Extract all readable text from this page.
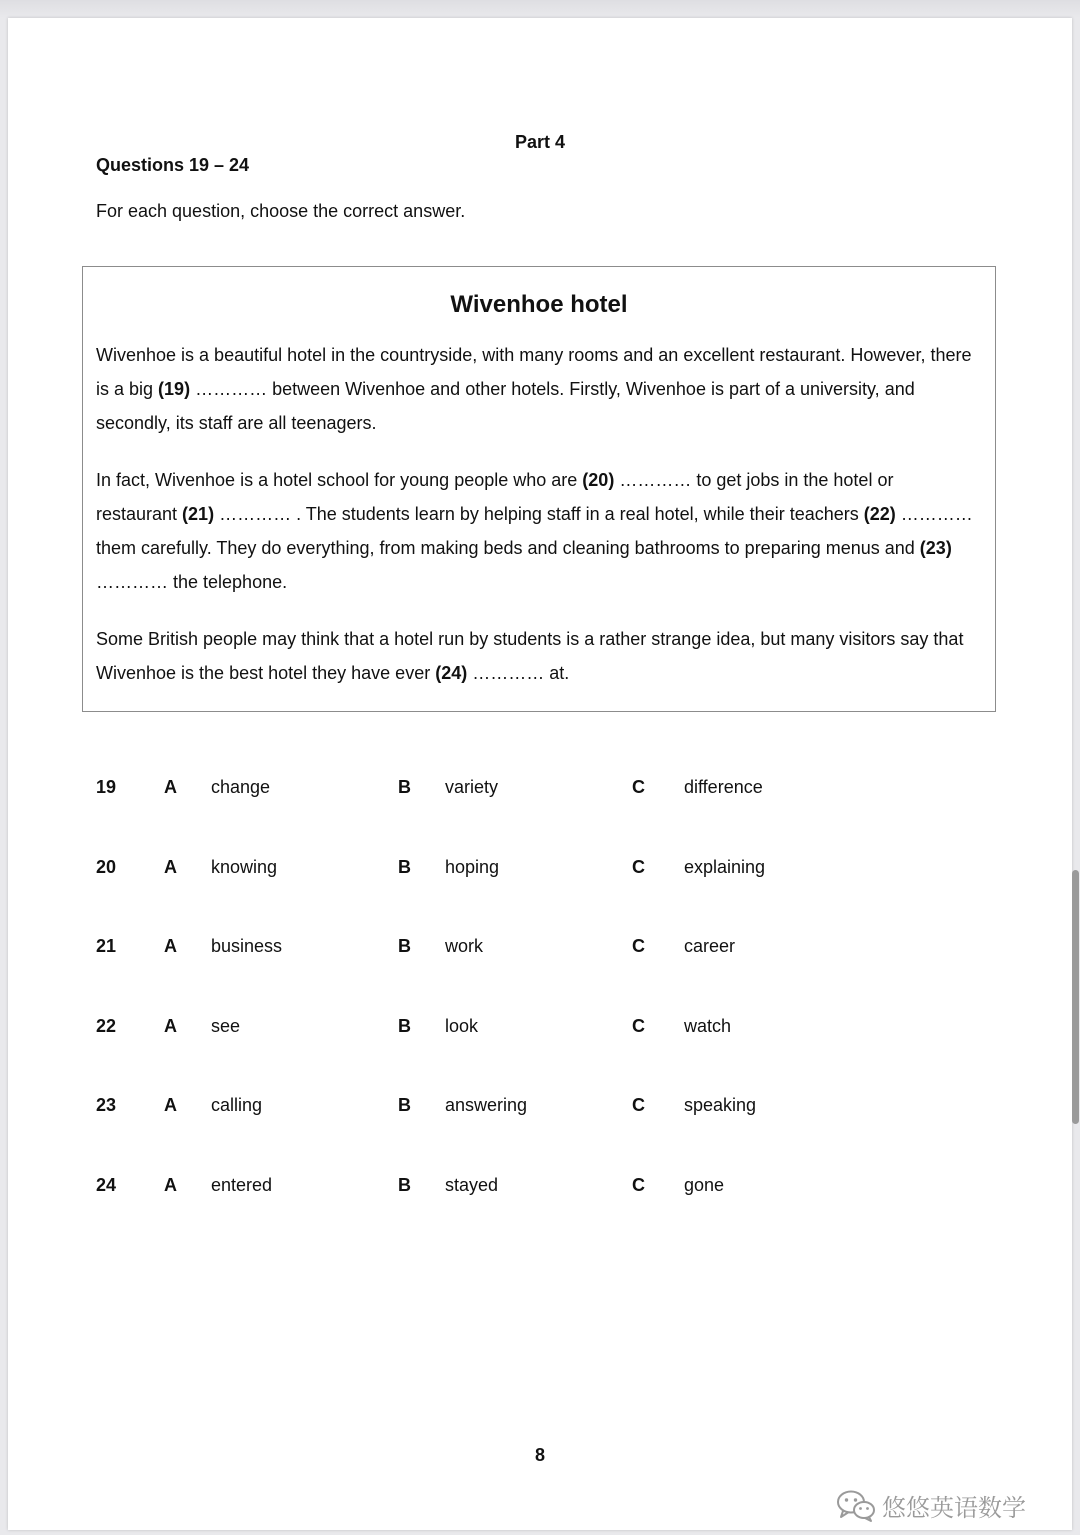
Part 4
Questions 19 – 24
For each question, choose the correct answer.
Wivenhoe hotel
Wivenhoe is a beautiful hotel in the countryside, with many rooms and an excellent restaurant. However, there is a big (19) ………… between Wivenhoe and other hotels. Firstly, Wivenhoe is part of a university, and secondly, its staff are all teenagers.
In fact, Wivenhoe is a hotel school for young people who are (20) ………… to get jobs in the hotel or restaurant (21) ………… . The students learn by helping staff in a real hotel, while their teachers (22) ………… them carefully. They do everything, from making beds and cleaning bathrooms to preparing menus and (23) ………… the telephone.
Some British people may think that a hotel run by students is a rather strange idea, but many visitors say that Wivenhoe is the best hotel they have ever (24) ………… at.
19	A change	B variety	C difference
20	A knowing	B hoping	C explaining
21	A business	B work	C career
22	A see	B look	C watch
23	A calling	B answering	C speaking
24	A entered	B stayed	C gone
8
悠悠英语数学
